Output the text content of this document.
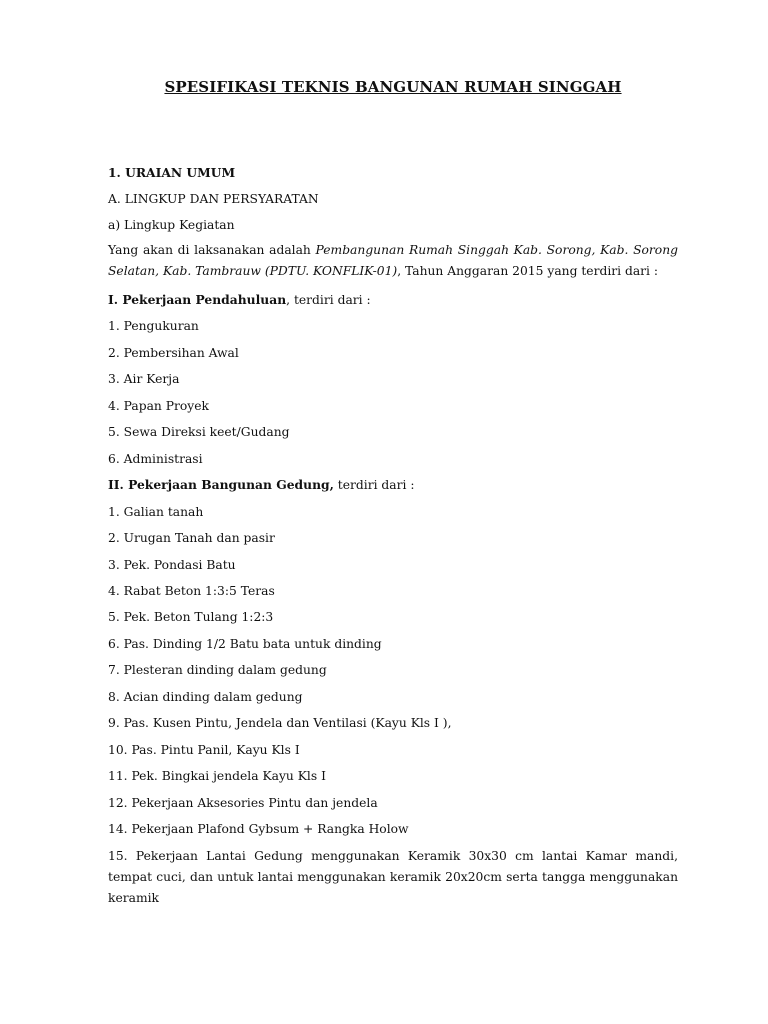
SPESIFIKASI TEKNIS BANGUNAN RUMAH SINGGAH
1. URAIAN UMUM
A. LINGKUP DAN PERSYARATAN
a) Lingkup Kegiatan
Yang akan di laksanakan adalah Pembangunan Rumah Singgah Kab. Sorong, Kab. Sorong Selatan, Kab. Tambrauw (PDTU. KONFLIK-01), Tahun Anggaran 2015 yang terdiri dari :
I. Pekerjaan Pendahuluan, terdiri dari :
1. Pengukuran
2. Pembersihan Awal
3. Air Kerja
4. Papan Proyek
5. Sewa Direksi keet/Gudang
6. Administrasi
II. Pekerjaan Bangunan Gedung, terdiri dari :
1. Galian tanah
2. Urugan Tanah dan pasir
3. Pek. Pondasi Batu
4. Rabat Beton 1:3:5 Teras
5. Pek. Beton Tulang 1:2:3
6. Pas. Dinding 1/2 Batu bata untuk dinding
7. Plesteran dinding dalam gedung
8. Acian dinding dalam gedung
9. Pas. Kusen Pintu, Jendela dan Ventilasi (Kayu Kls I ),
10. Pas. Pintu Panil, Kayu Kls I
11. Pek. Bingkai jendela Kayu Kls I
12. Pekerjaan Aksesories Pintu dan jendela
14. Pekerjaan Plafond Gybsum + Rangka Holow
15. Pekerjaan Lantai Gedung menggunakan Keramik 30x30 cm lantai Kamar mandi, tempat cuci, dan untuk lantai menggunakan keramik 20x20cm serta tangga menggunakan keramik
